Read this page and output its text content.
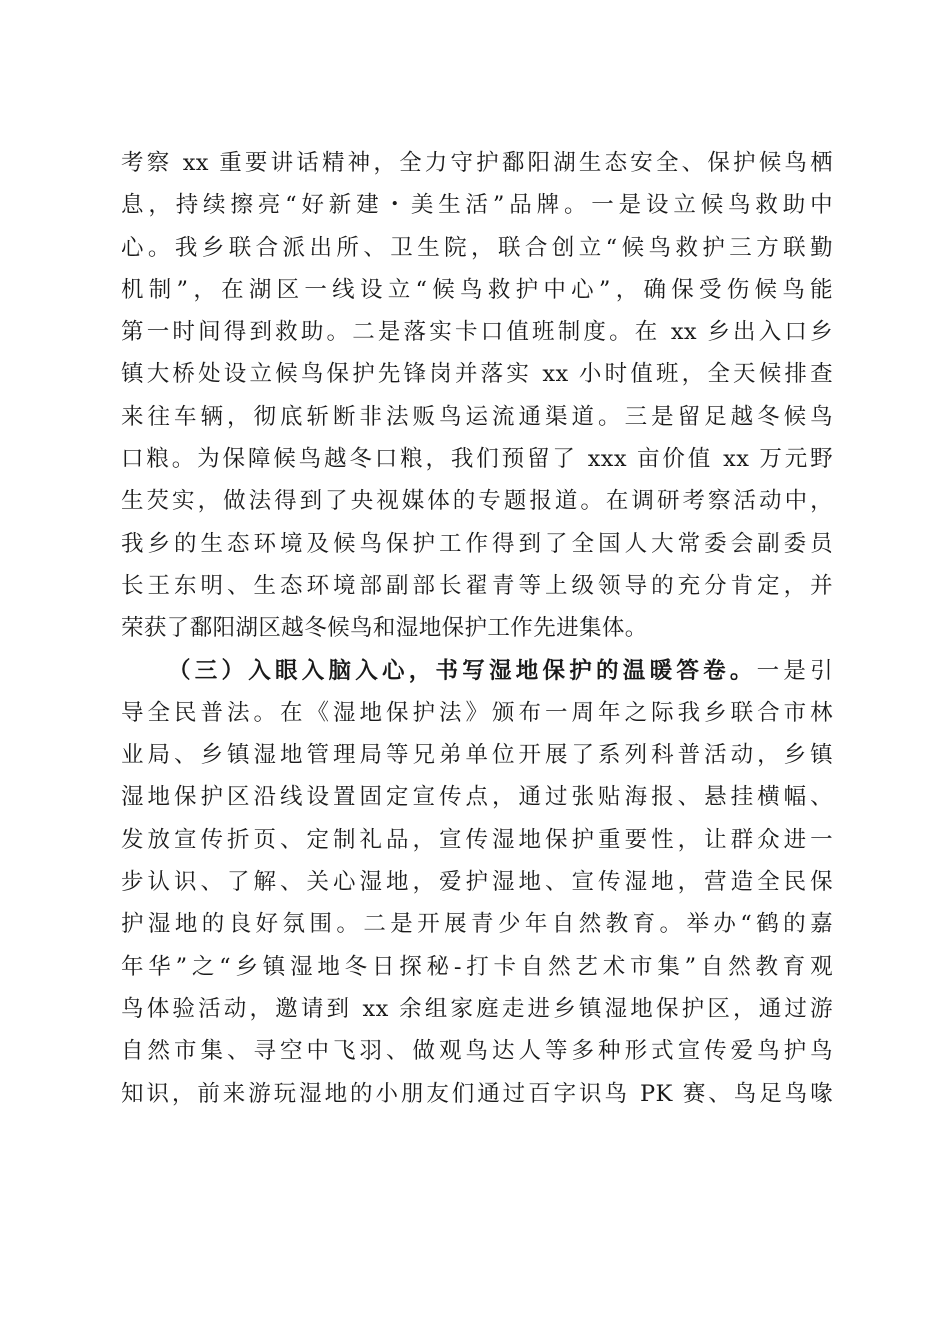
考察 xx 重要讲话精神，全力守护鄱阳湖生态安全、保护候鸟栖
息，持续擦亮“好新建・美生活”品牌。一是设立候鸟救助中
心。我乡联合派出所、卫生院，联合创立“候鸟救护三方联勤
机制”，在湖区一线设立“候鸟救护中心”，确保受伤候鸟能
第一时间得到救助。二是落实卡口值班制度。在 xx 乡出入口乡
镇大桥处设立候鸟保护先锋岗并落实 xx 小时值班，全天候排查
来往车辆，彻底斩断非法贩鸟运流通渠道。三是留足越冬候鸟
口粮。为保障候鸟越冬口粮，我们预留了 xxx 亩价值 xx 万元野
生芡实，做法得到了央视媒体的专题报道。在调研考察活动中，
我乡的生态环境及候鸟保护工作得到了全国人大常委会副委员
长王东明、生态环境部副部长翟青等上级领导的充分肯定，并
荣获了鄱阳湖区越冬候鸟和湿地保护工作先进集体。
（三）入眼入脑入心，书写湿地保护的温暖答卷。一是引
导全民普法。在《湿地保护法》颁布一周年之际我乡联合市林
业局、乡镇湿地管理局等兄弟单位开展了系列科普活动，乡镇
湿地保护区沿线设置固定宣传点，通过张贴海报、悬挂横幅、
发放宣传折页、定制礼品，宣传湿地保护重要性，让群众进一
步认识、了解、关心湿地，爱护湿地、宣传湿地，营造全民保
护湿地的良好氛围。二是开展青少年自然教育。举办“鹤的嘉
年华”之“乡镇湿地冬日探秘-打卡自然艺术市集”自然教育观
鸟体验活动，邀请到 xx 余组家庭走进乡镇湿地保护区，通过游
自然市集、寻空中飞羽、做观鸟达人等多种形式宣传爱鸟护鸟
知识，前来游玩湿地的小朋友们通过百字识鸟 PK 赛、鸟足鸟喙
